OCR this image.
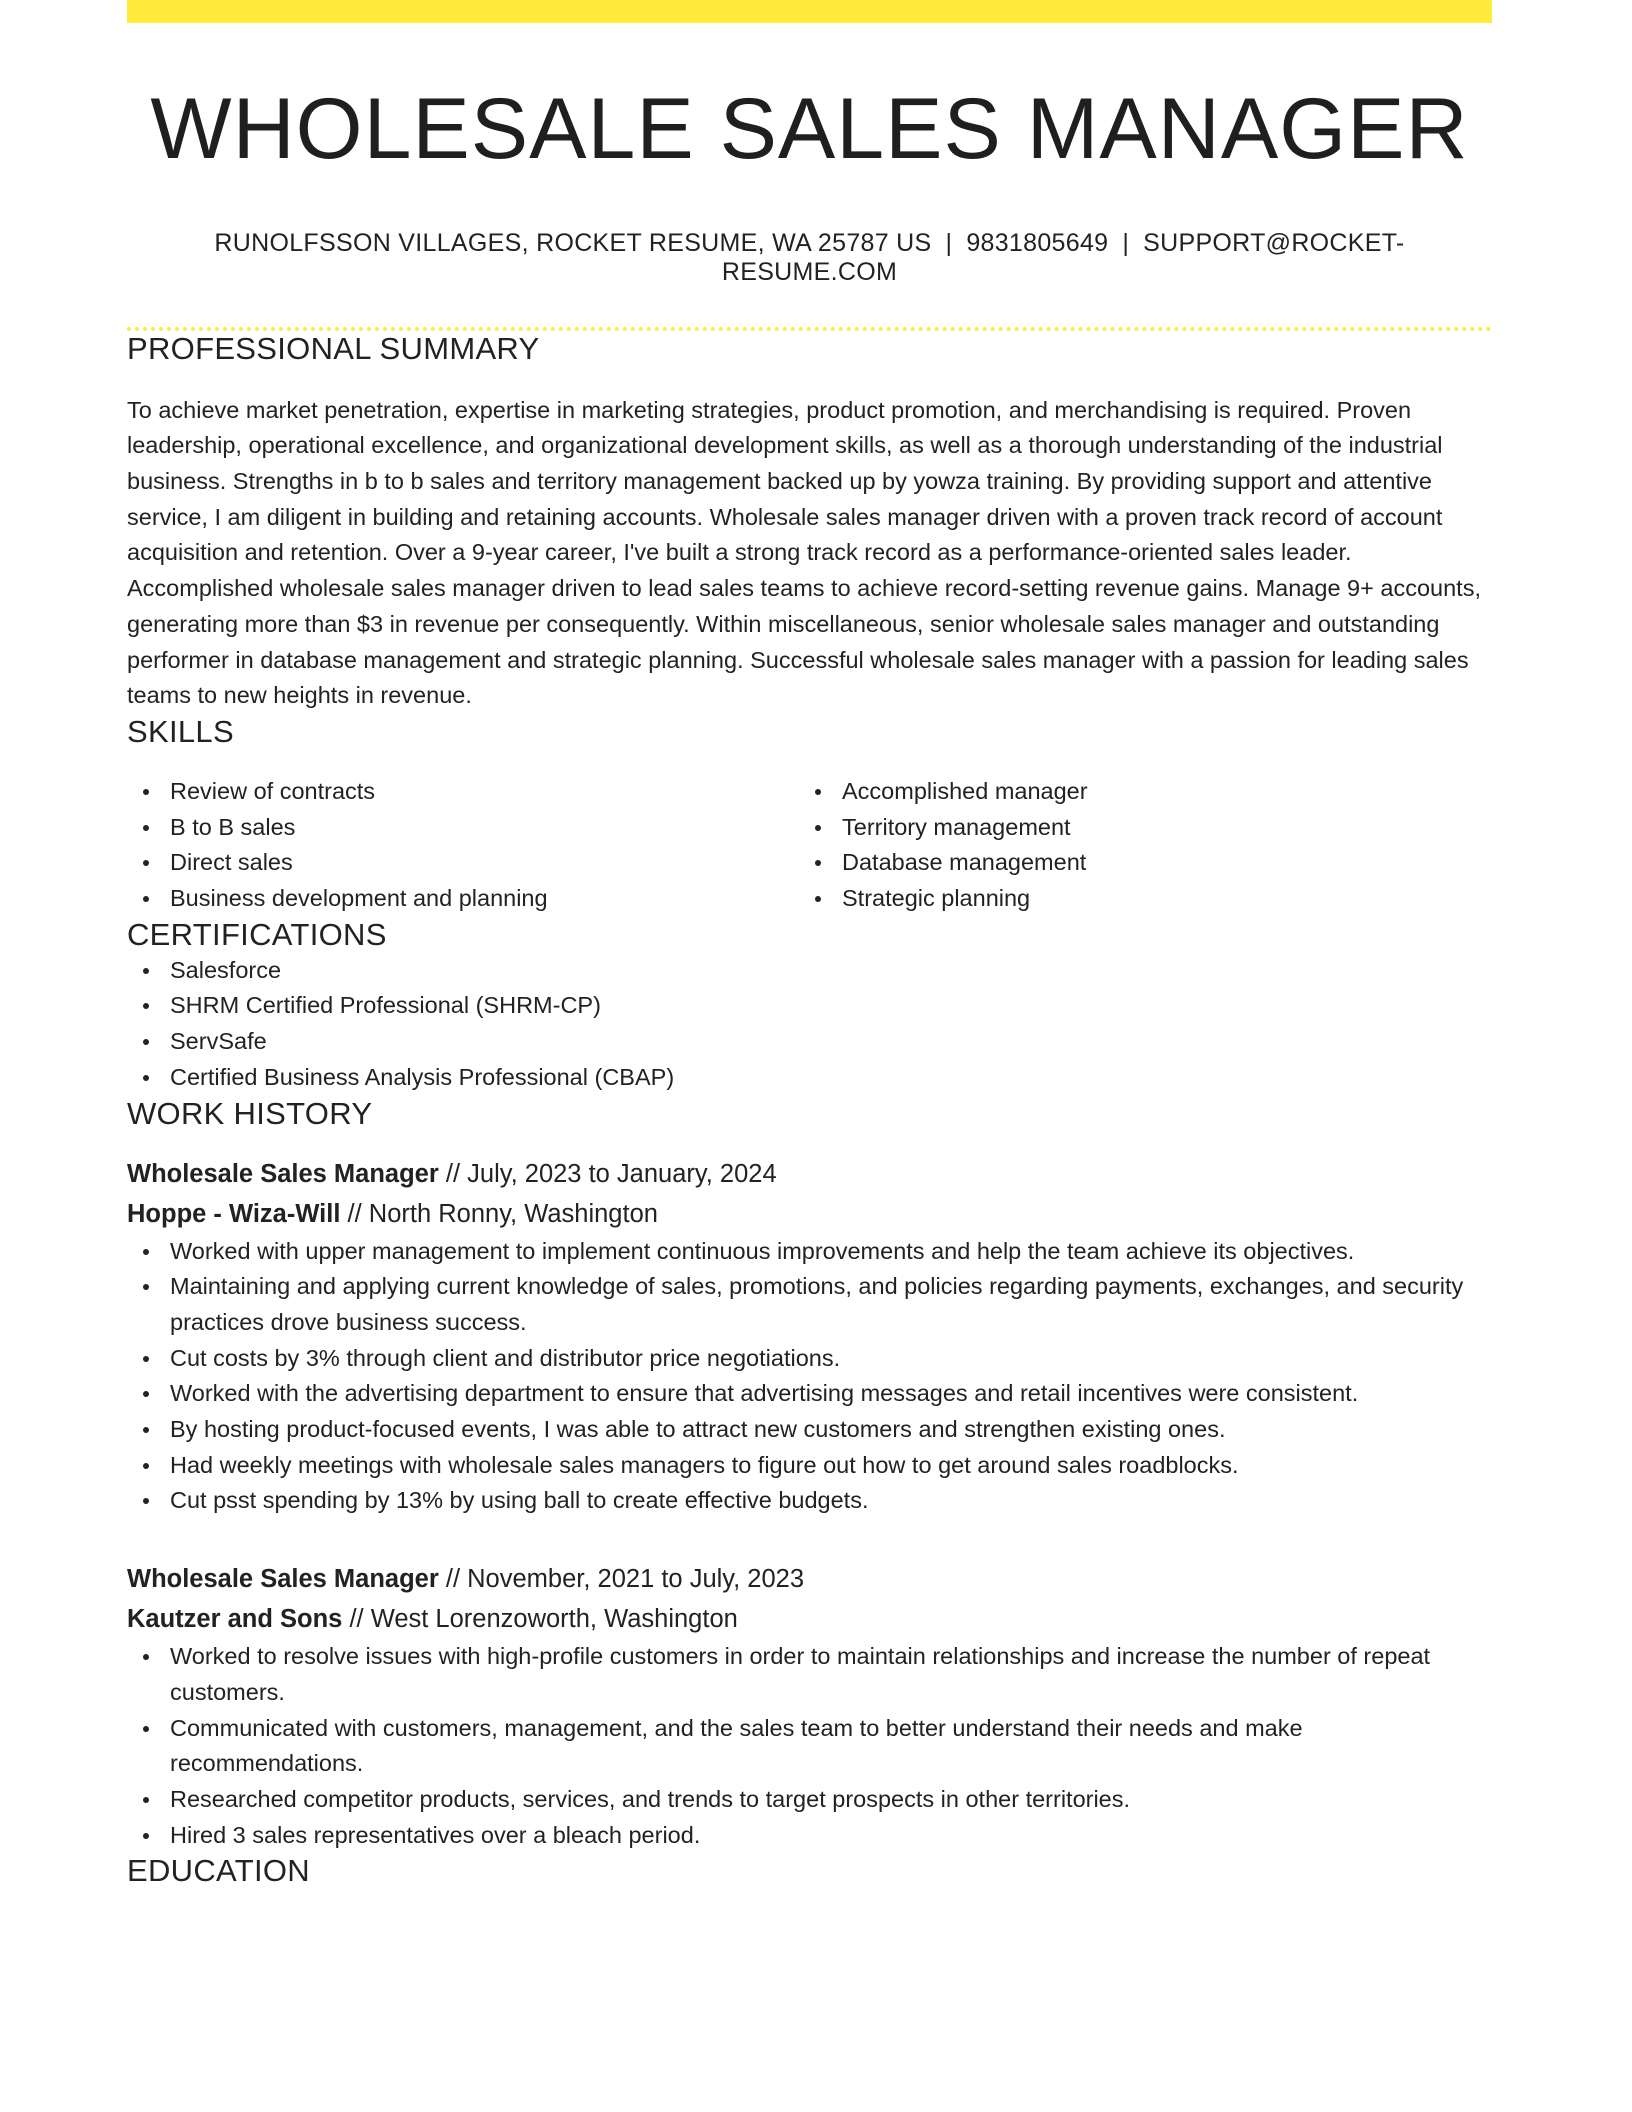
WHOLESALE SALES MANAGER
RUNOLFSSON VILLAGES, ROCKET RESUME, WA 25787 US | 9831805649 | SUPPORT@ROCKET-RESUME.COM
PROFESSIONAL SUMMARY
To achieve market penetration, expertise in marketing strategies, product promotion, and merchandising is required. Proven leadership, operational excellence, and organizational development skills, as well as a thorough understanding of the industrial business. Strengths in b to b sales and territory management backed up by yowza training. By providing support and attentive service, I am diligent in building and retaining accounts. Wholesale sales manager driven with a proven track record of account acquisition and retention. Over a 9-year career, I've built a strong track record as a performance-oriented sales leader. Accomplished wholesale sales manager driven to lead sales teams to achieve record-setting revenue gains. Manage 9+ accounts, generating more than $3 in revenue per consequently. Within miscellaneous, senior wholesale sales manager and outstanding performer in database management and strategic planning. Successful wholesale sales manager with a passion for leading sales teams to new heights in revenue.
SKILLS
Review of contracts
B to B sales
Direct sales
Business development and planning
Accomplished manager
Territory management
Database management
Strategic planning
CERTIFICATIONS
Salesforce
SHRM Certified Professional (SHRM-CP)
ServSafe
Certified Business Analysis Professional (CBAP)
WORK HISTORY
Wholesale Sales Manager // July, 2023 to January, 2024
Hoppe - Wiza-Will // North Ronny, Washington
Worked with upper management to implement continuous improvements and help the team achieve its objectives.
Maintaining and applying current knowledge of sales, promotions, and policies regarding payments, exchanges, and security practices drove business success.
Cut costs by 3% through client and distributor price negotiations.
Worked with the advertising department to ensure that advertising messages and retail incentives were consistent.
By hosting product-focused events, I was able to attract new customers and strengthen existing ones.
Had weekly meetings with wholesale sales managers to figure out how to get around sales roadblocks.
Cut psst spending by 13% by using ball to create effective budgets.
Wholesale Sales Manager // November, 2021 to July, 2023
Kautzer and Sons // West Lorenzoworth, Washington
Worked to resolve issues with high-profile customers in order to maintain relationships and increase the number of repeat customers.
Communicated with customers, management, and the sales team to better understand their needs and make recommendations.
Researched competitor products, services, and trends to target prospects in other territories.
Hired 3 sales representatives over a bleach period.
EDUCATION
